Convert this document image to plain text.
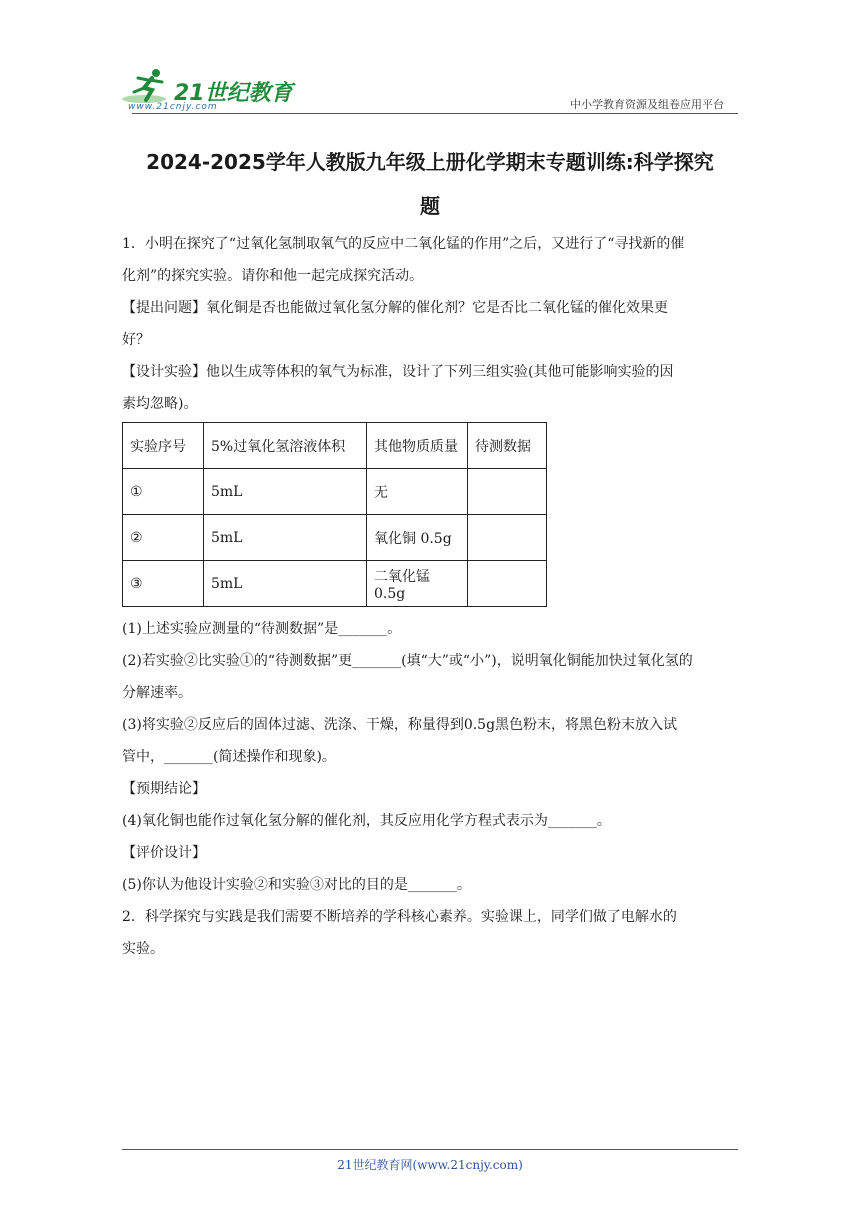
21世纪教育
www.21cnjy.com	中小学教育资源及组卷应用平台
2024-2025学年人教版九年级上册化学期末专题训练:科学探究
题

1．小明在探究了“过氧化氢制取氧气的反应中二氧化锰的作用”之后，又进行了“寻找新的催

化剂”的探究实验。请你和他一起完成探究活动。

【提出问题】氧化铜是否也能做过氧化氢分解的催化剂？它是否比二氧化锰的催化效果更

好？

【设计实验】他以生成等体积的氧气为标准，设计了下列三组实验(其他可能影响实验的因

素均忽略)。

实验序号	5%过氧化氢溶液体积	其他物质质量	待测数据
①	5mL	无	
②	5mL	氧化铜 0.5g	
③	5mL	二氧化锰 0.5g	

(1)上述实验应测量的“待测数据”是_______。

(2)若实验②比实验①的“待测数据”更_______(填“大”或“小”)，说明氧化铜能加快过氧化氢的

分解速率。

(3)将实验②反应后的固体过滤、洗涤、干燥，称量得到0.5g黑色粉末，将黑色粉末放入试

管中，_______(简述操作和现象)。

【预期结论】

(4)氧化铜也能作过氧化氢分解的催化剂，其反应用化学方程式表示为_______。

【评价设计】

(5)你认为他设计实验②和实验③对比的目的是_______。

2．科学探究与实践是我们需要不断培养的学科核心素养。实验课上，同学们做了电解水的

实验。

21世纪教育网(www.21cnjy.com)
